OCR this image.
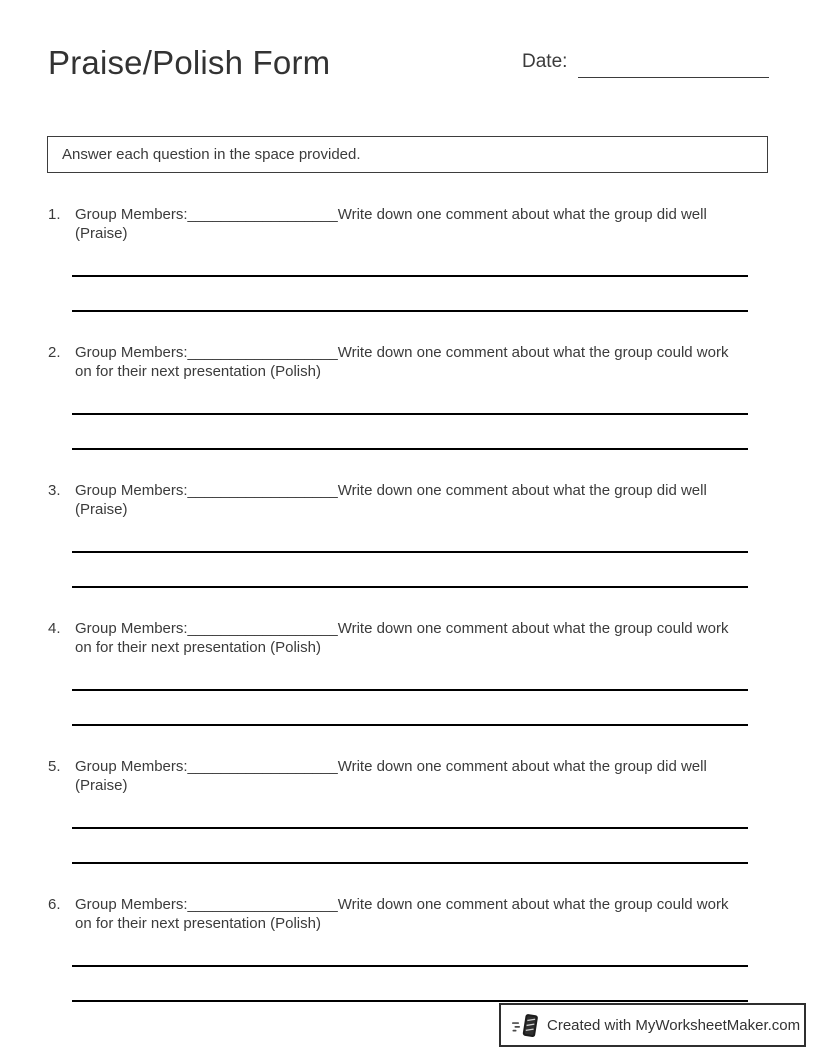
Praise/Polish Form	Date:
Answer each question in the space provided.
1. Group Members:__________________Write down one comment about what the group did well (Praise)
2. Group Members:__________________Write down one comment about what the group could work on for their next presentation (Polish)
3. Group Members:__________________Write down one comment about what the group did well (Praise)
4. Group Members:__________________Write down one comment about what the group could work on for their next presentation (Polish)
5. Group Members:__________________Write down one comment about what the group did well (Praise)
6. Group Members:__________________Write down one comment about what the group could work on for their next presentation (Polish)
Created with MyWorksheetMaker.com
